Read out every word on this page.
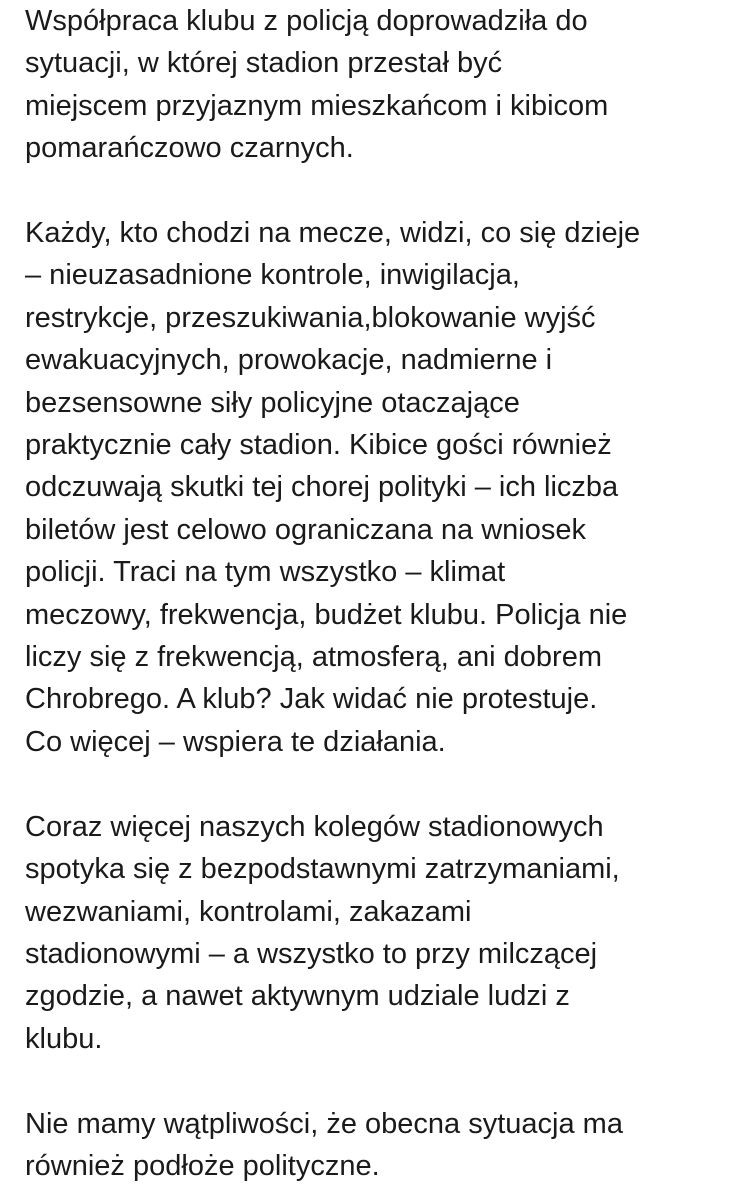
Współpraca klubu z policją doprowadziła do
sytuacji, w której stadion przestał być
miejscem przyjaznym mieszkańcom i kibicom
pomarańczowo czarnych.

Każdy, kto chodzi na mecze, widzi, co się dzieje
– nieuzasadnione kontrole, inwigilacja,
restrykcje, przeszukiwania,blokowanie wyjść
ewakuacyjnych, prowokacje, nadmierne i
bezsensowne siły policyjne otaczające
praktycznie cały stadion. Kibice gości również
odczuwają skutki tej chorej polityki – ich liczba
biletów jest celowo ograniczana na wniosek
policji. Traci na tym wszystko – klimat
meczowy, frekwencja, budżet klubu. Policja nie
liczy się z frekwencją, atmosferą, ani dobrem
Chrobrego. A klub? Jak widać nie protestuje.
Co więcej – wspiera te działania.

Coraz więcej naszych kolegów stadionowych
spotyka się z bezpodstawnymi zatrzymaniami,
wezwaniami, kontrolami, zakazami
stadionowymi – a wszystko to przy milczącej
zgodzie, a nawet aktywnym udziale ludzi z
klubu.

Nie mamy wątpliwości, że obecna sytuacja ma
również podłoże polityczne.
